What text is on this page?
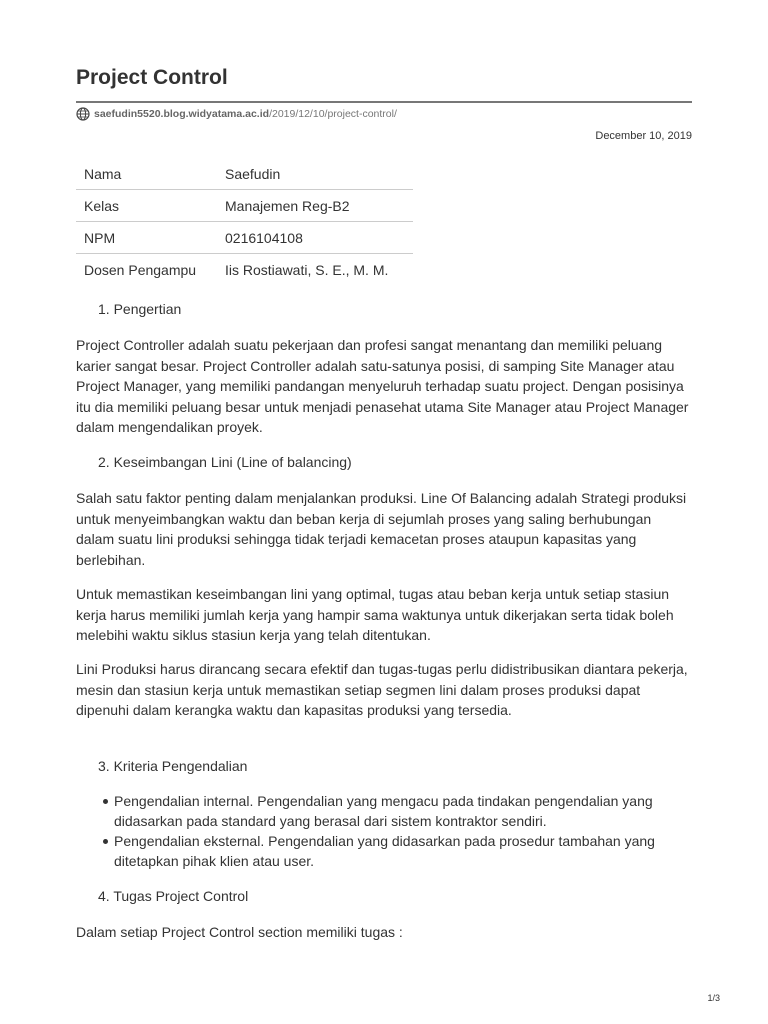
Project Control
saefudin5520.blog.widyatama.ac.id /2019/12/10/project-control/
December 10, 2019
Nama	Saefudin
Kelas	Manajemen Reg-B2
NPM	0216104108
Dosen Pengampu	Iis Rostiawati, S. E., M. M.
1. Pengertian

Project Controller adalah suatu pekerjaan dan profesi sangat menantang dan memiliki peluang karier sangat besar. Project Controller adalah satu-satunya posisi, di samping Site Manager atau Project Manager, yang memiliki pandangan menyeluruh terhadap suatu project. Dengan posisinya itu dia memiliki peluang besar untuk menjadi penasehat utama Site Manager atau Project Manager dalam mengendalikan proyek.

2. Keseimbangan Lini (Line of balancing)

Salah satu faktor penting dalam menjalankan produksi. Line Of Balancing adalah Strategi produksi untuk menyeimbangkan waktu dan beban kerja di sejumlah proses yang saling berhubungan dalam suatu lini produksi sehingga tidak terjadi kemacetan proses ataupun kapasitas yang berlebihan.

Untuk memastikan keseimbangan lini yang optimal, tugas atau beban kerja untuk setiap stasiun kerja harus memiliki jumlah kerja yang hampir sama waktunya untuk dikerjakan serta tidak boleh melebihi waktu siklus stasiun kerja yang telah ditentukan.

Lini Produksi harus dirancang secara efektif dan tugas-tugas perlu didistribusikan diantara pekerja, mesin dan stasiun kerja untuk memastikan setiap segmen lini dalam proses produksi dapat dipenuhi dalam kerangka waktu dan kapasitas produksi yang tersedia.

3. Kriteria Pengendalian
Pengendalian internal. Pengendalian yang mengacu pada tindakan pengendalian yang didasarkan pada standard yang berasal dari sistem kontraktor sendiri.
Pengendalian eksternal. Pengendalian yang didasarkan pada prosedur tambahan yang ditetapkan pihak klien atau user.
4. Tugas Project Control

Dalam setiap Project Control section memiliki tugas :

1/3
